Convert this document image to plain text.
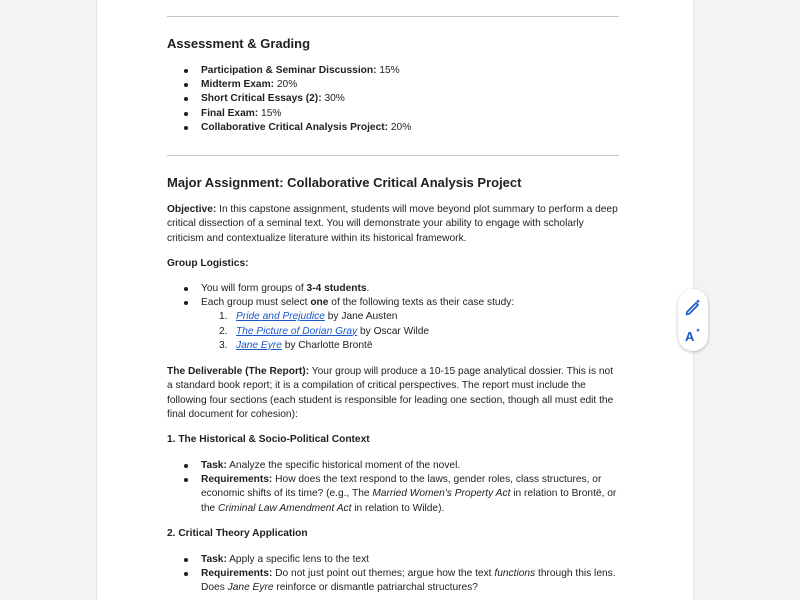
Assessment & Grading
Participation & Seminar Discussion: 15%
Midterm Exam: 20%
Short Critical Essays (2): 30%
Final Exam: 15%
Collaborative Critical Analysis Project: 20%
Major Assignment: Collaborative Critical Analysis Project
Objective: In this capstone assignment, students will move beyond plot summary to perform a deep critical dissection of a seminal text. You will demonstrate your ability to engage with scholarly criticism and contextualize literature within its historical framework.
Group Logistics:
You will form groups of 3-4 students.
Each group must select one of the following texts as their case study:
1. Pride and Prejudice by Jane Austen
2. The Picture of Dorian Gray by Oscar Wilde
3. Jane Eyre by Charlotte Brontë
The Deliverable (The Report): Your group will produce a 10-15 page analytical dossier. This is not a standard book report; it is a compilation of critical perspectives. The report must include the following four sections (each student is responsible for leading one section, though all must edit the final document for cohesion):
1. The Historical & Socio-Political Context
Task: Analyze the specific historical moment of the novel.
Requirements: How does the text respond to the laws, gender roles, class structures, or economic shifts of its time? (e.g., The Married Women's Property Act in relation to Brontë, or the Criminal Law Amendment Act in relation to Wilde).
2. Critical Theory Application
Task: Apply a specific lens to the text
Requirements: Do not just point out themes; argue how the text functions through this lens. Does Jane Eyre reinforce or dismantle patriarchal structures?
A
